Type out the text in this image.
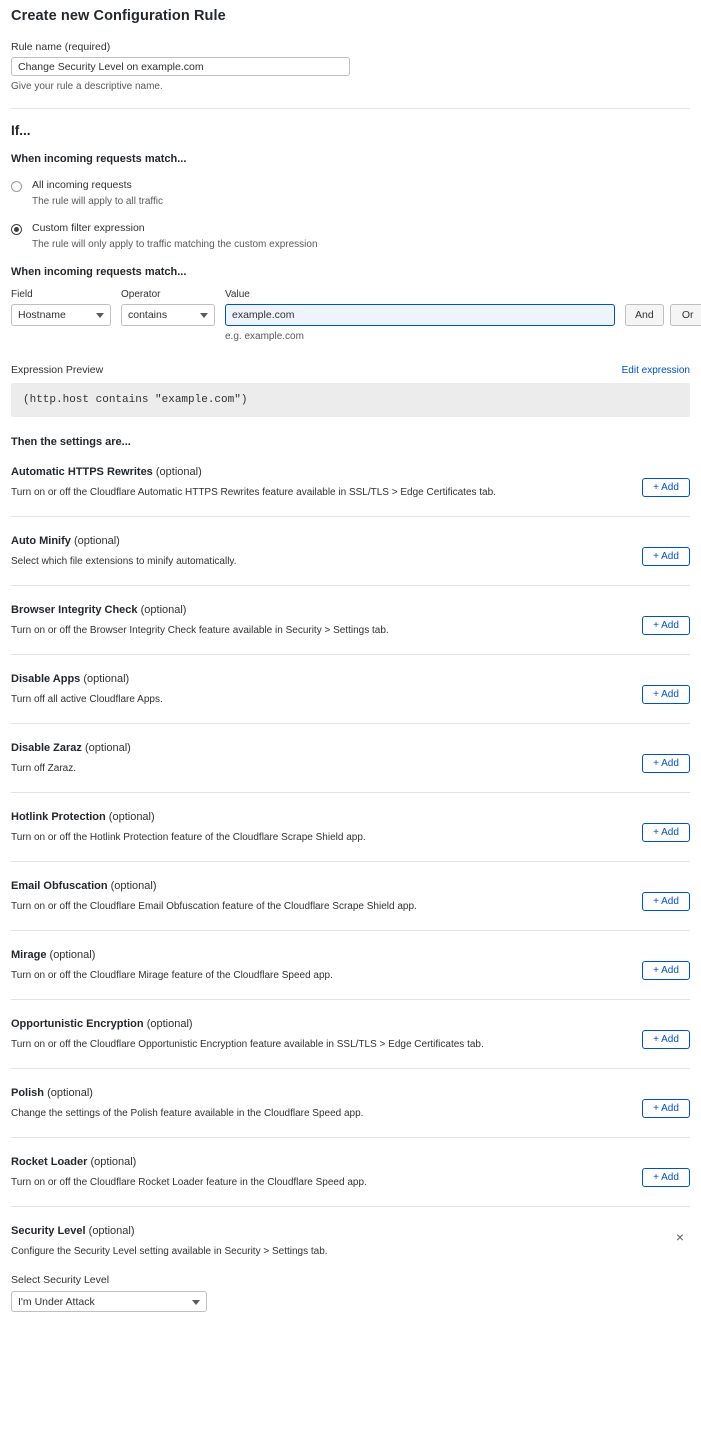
Create new Configuration Rule
Rule name (required)
Change Security Level on example.com
Give your rule a descriptive name.
If...
When incoming requests match...
All incoming requests
The rule will apply to all traffic
Custom filter expression
The rule will only apply to traffic matching the custom expression
When incoming requests match...
Field
Hostname
Operator
contains
Value
example.com
e.g. example.com
And	Or
Expression Preview	Edit expression
(http.host contains "example.com")
Then the settings are...
Automatic HTTPS Rewrites (optional)
Turn on or off the Cloudflare Automatic HTTPS Rewrites feature available in SSL/TLS > Edge Certificates tab.	+ Add
Auto Minify (optional)
Select which file extensions to minify automatically.	+ Add
Browser Integrity Check (optional)
Turn on or off the Browser Integrity Check feature available in Security > Settings tab.	+ Add
Disable Apps (optional)
Turn off all active Cloudflare Apps.	+ Add
Disable Zaraz (optional)
Turn off Zaraz.	+ Add
Hotlink Protection (optional)
Turn on or off the Hotlink Protection feature of the Cloudflare Scrape Shield app.	+ Add
Email Obfuscation (optional)
Turn on or off the Cloudflare Email Obfuscation feature of the Cloudflare Scrape Shield app.	+ Add
Mirage (optional)
Turn on or off the Cloudflare Mirage feature of the Cloudflare Speed app.	+ Add
Opportunistic Encryption (optional)
Turn on or off the Cloudflare Opportunistic Encryption feature available in SSL/TLS > Edge Certificates tab.	+ Add
Polish (optional)
Change the settings of the Polish feature available in the Cloudflare Speed app.	+ Add
Rocket Loader (optional)
Turn on or off the Cloudflare Rocket Loader feature in the Cloudflare Speed app.	+ Add
Security Level (optional)
Configure the Security Level setting available in Security > Settings tab.
×
Select Security Level
I'm Under Attack
